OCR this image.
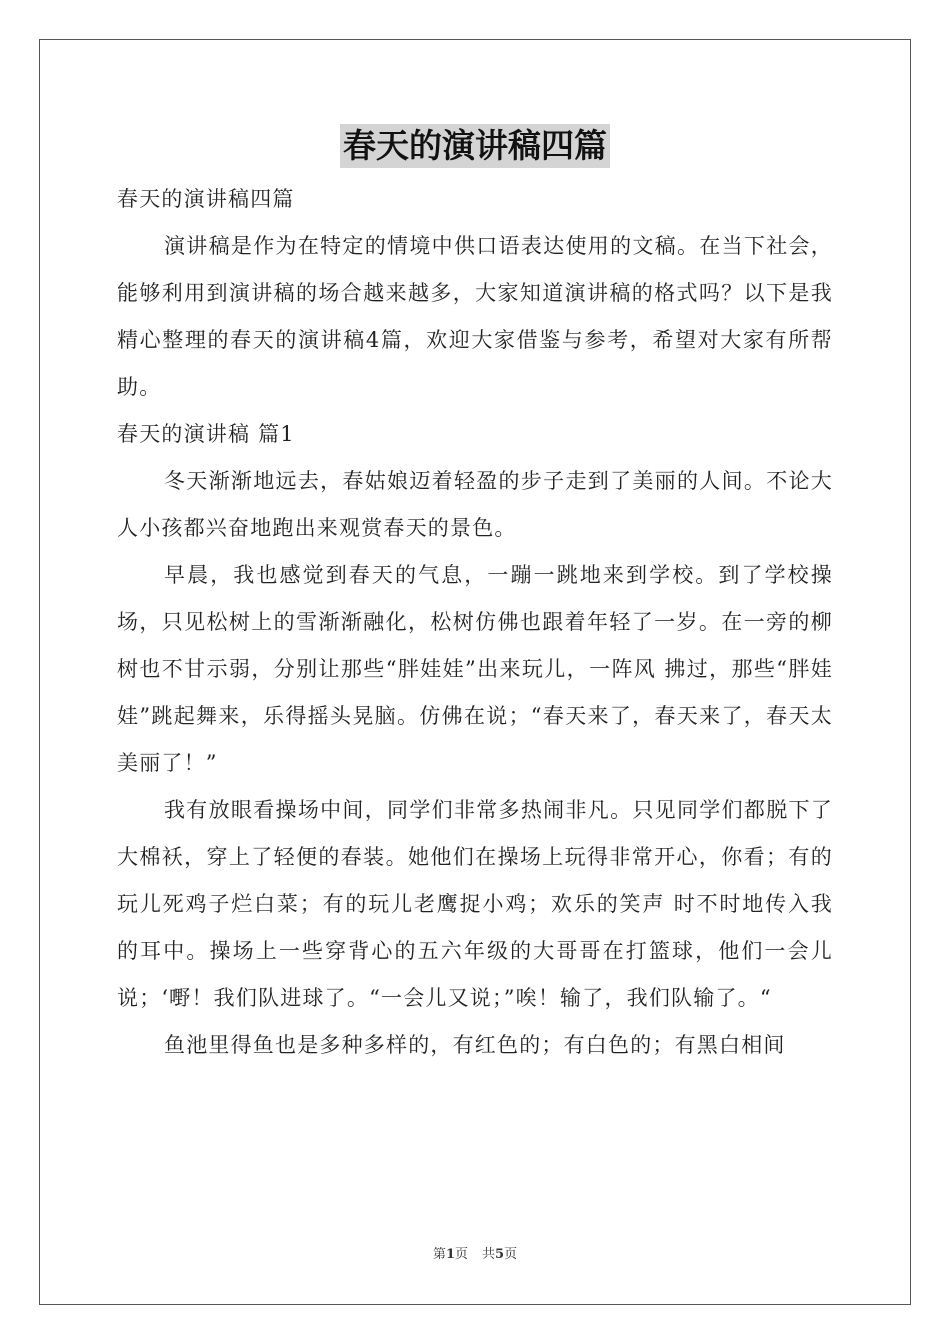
春天的演讲稿四篇

春天的演讲稿四篇

演讲稿是作为在特定的情境中供口语表达使用的文稿。在当下社会，能够利用到演讲稿的场合越来越多，大家知道演讲稿的格式吗？以下是我精心整理的春天的演讲稿4篇，欢迎大家借鉴与参考，希望对大家有所帮助。

春天的演讲稿 篇1

冬天渐渐地远去，春姑娘迈着轻盈的步子走到了美丽的人间。不论大人小孩都兴奋地跑出来观赏春天的景色。

早晨，我也感觉到春天的气息，一蹦一跳地来到学校。到了学校操场，只见松树上的雪渐渐融化，松树仿佛也跟着年轻了一岁。在一旁的柳树也不甘示弱，分别让那些“胖娃娃”出来玩儿，一阵风 拂过，那些“胖娃娃”跳起舞来，乐得摇头晃脑。仿佛在说；“春天来了，春天来了，春天太美丽了！”

我有放眼看操场中间，同学们非常多热闹非凡。只见同学们都脱下了大棉袄，穿上了轻便的春装。她他们在操场上玩得非常开心，你看；有的玩儿死鸡子烂白菜；有的玩儿老鹰捉小鸡；欢乐的笑声 时不时地传入我的耳中。操场上一些穿背心的五六年级的大哥哥在打篮球，他们一会儿说；‘嘢！我们队进球了。“一会儿又说；”唉！输了，我们队输了。“

鱼池里得鱼也是多种多样的，有红色的；有白色的；有黑白相间

第1页 共5页
